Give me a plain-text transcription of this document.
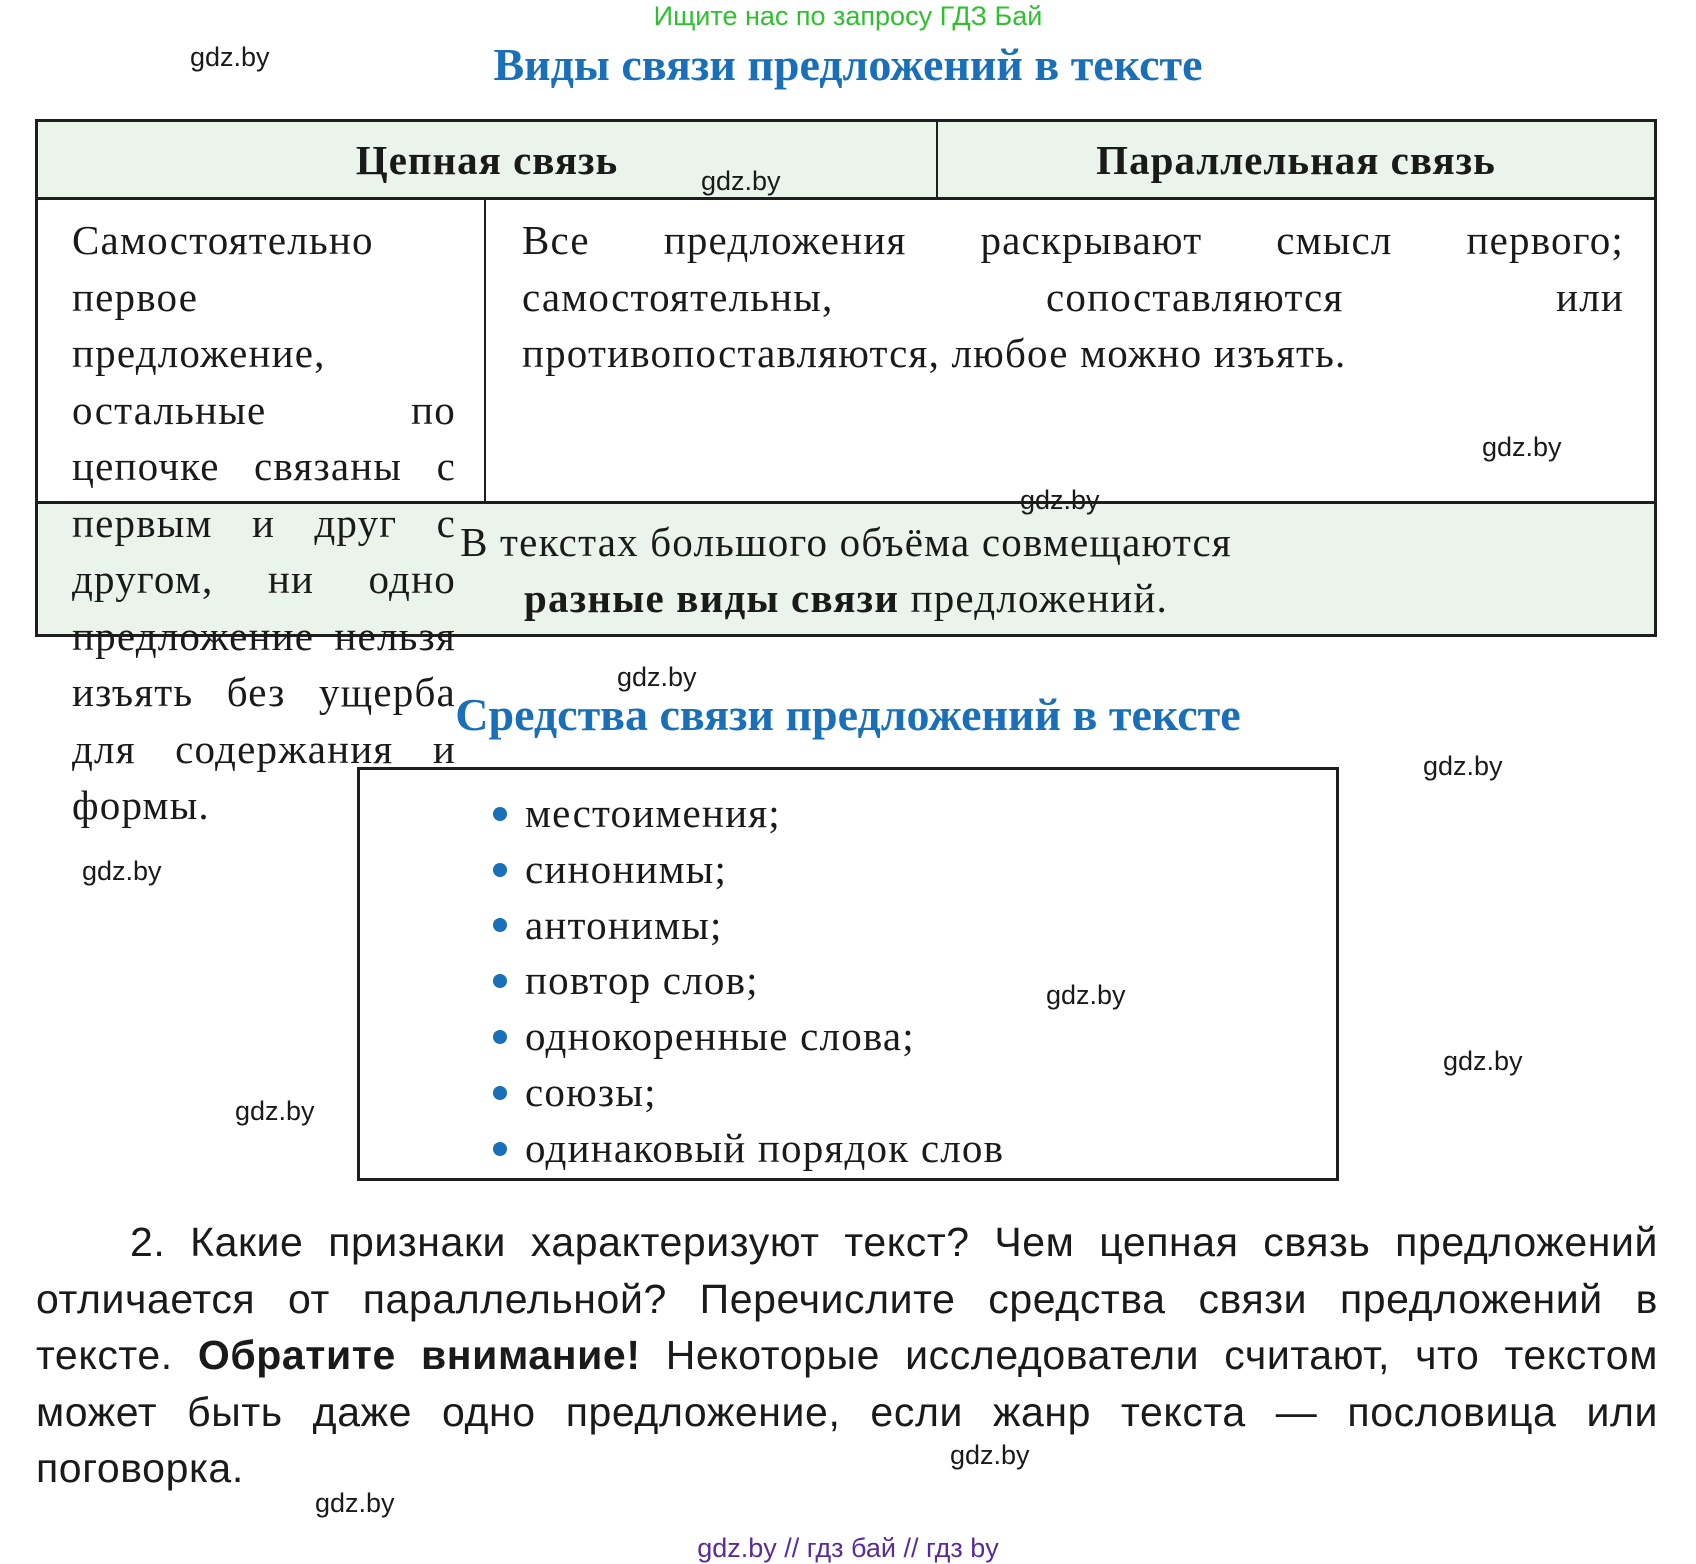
Ищите нас по запросу ГДЗ Бай
Виды связи предложений в тексте
Цепная связь	Параллельная связь
Самостоятельно первое предложение, остальные по цепочке связаны с первым и друг с другом, ни одно предложение нельзя изъять без ущерба для содержания и формы.
Все предложения раскрывают смысл первого; самостоятельны, сопоставляются или противопоставляются, любое можно изъять.
В текстах большого объёма совмещаются
разные виды связи предложений.
Средства связи предложений в тексте
местоимения;
синонимы;
антонимы;
повтор слов;
однокоренные слова;
союзы;
одинаковый порядок слов
2. Какие признаки характеризуют текст? Чем цепная связь предложений отличается от параллельной? Перечислите средства связи предложений в тексте. Обратите внимание! Некоторые исследователи считают, что текстом может быть даже одно предложение, если жанр текста — пословица или поговорка.
gdz.by
gdz.by
gdz.by
gdz.by
gdz.by
gdz.by
gdz.by
gdz.by
gdz.by
gdz.by
gdz.by
gdz.by
gdz.by // гдз бай // гдз by
